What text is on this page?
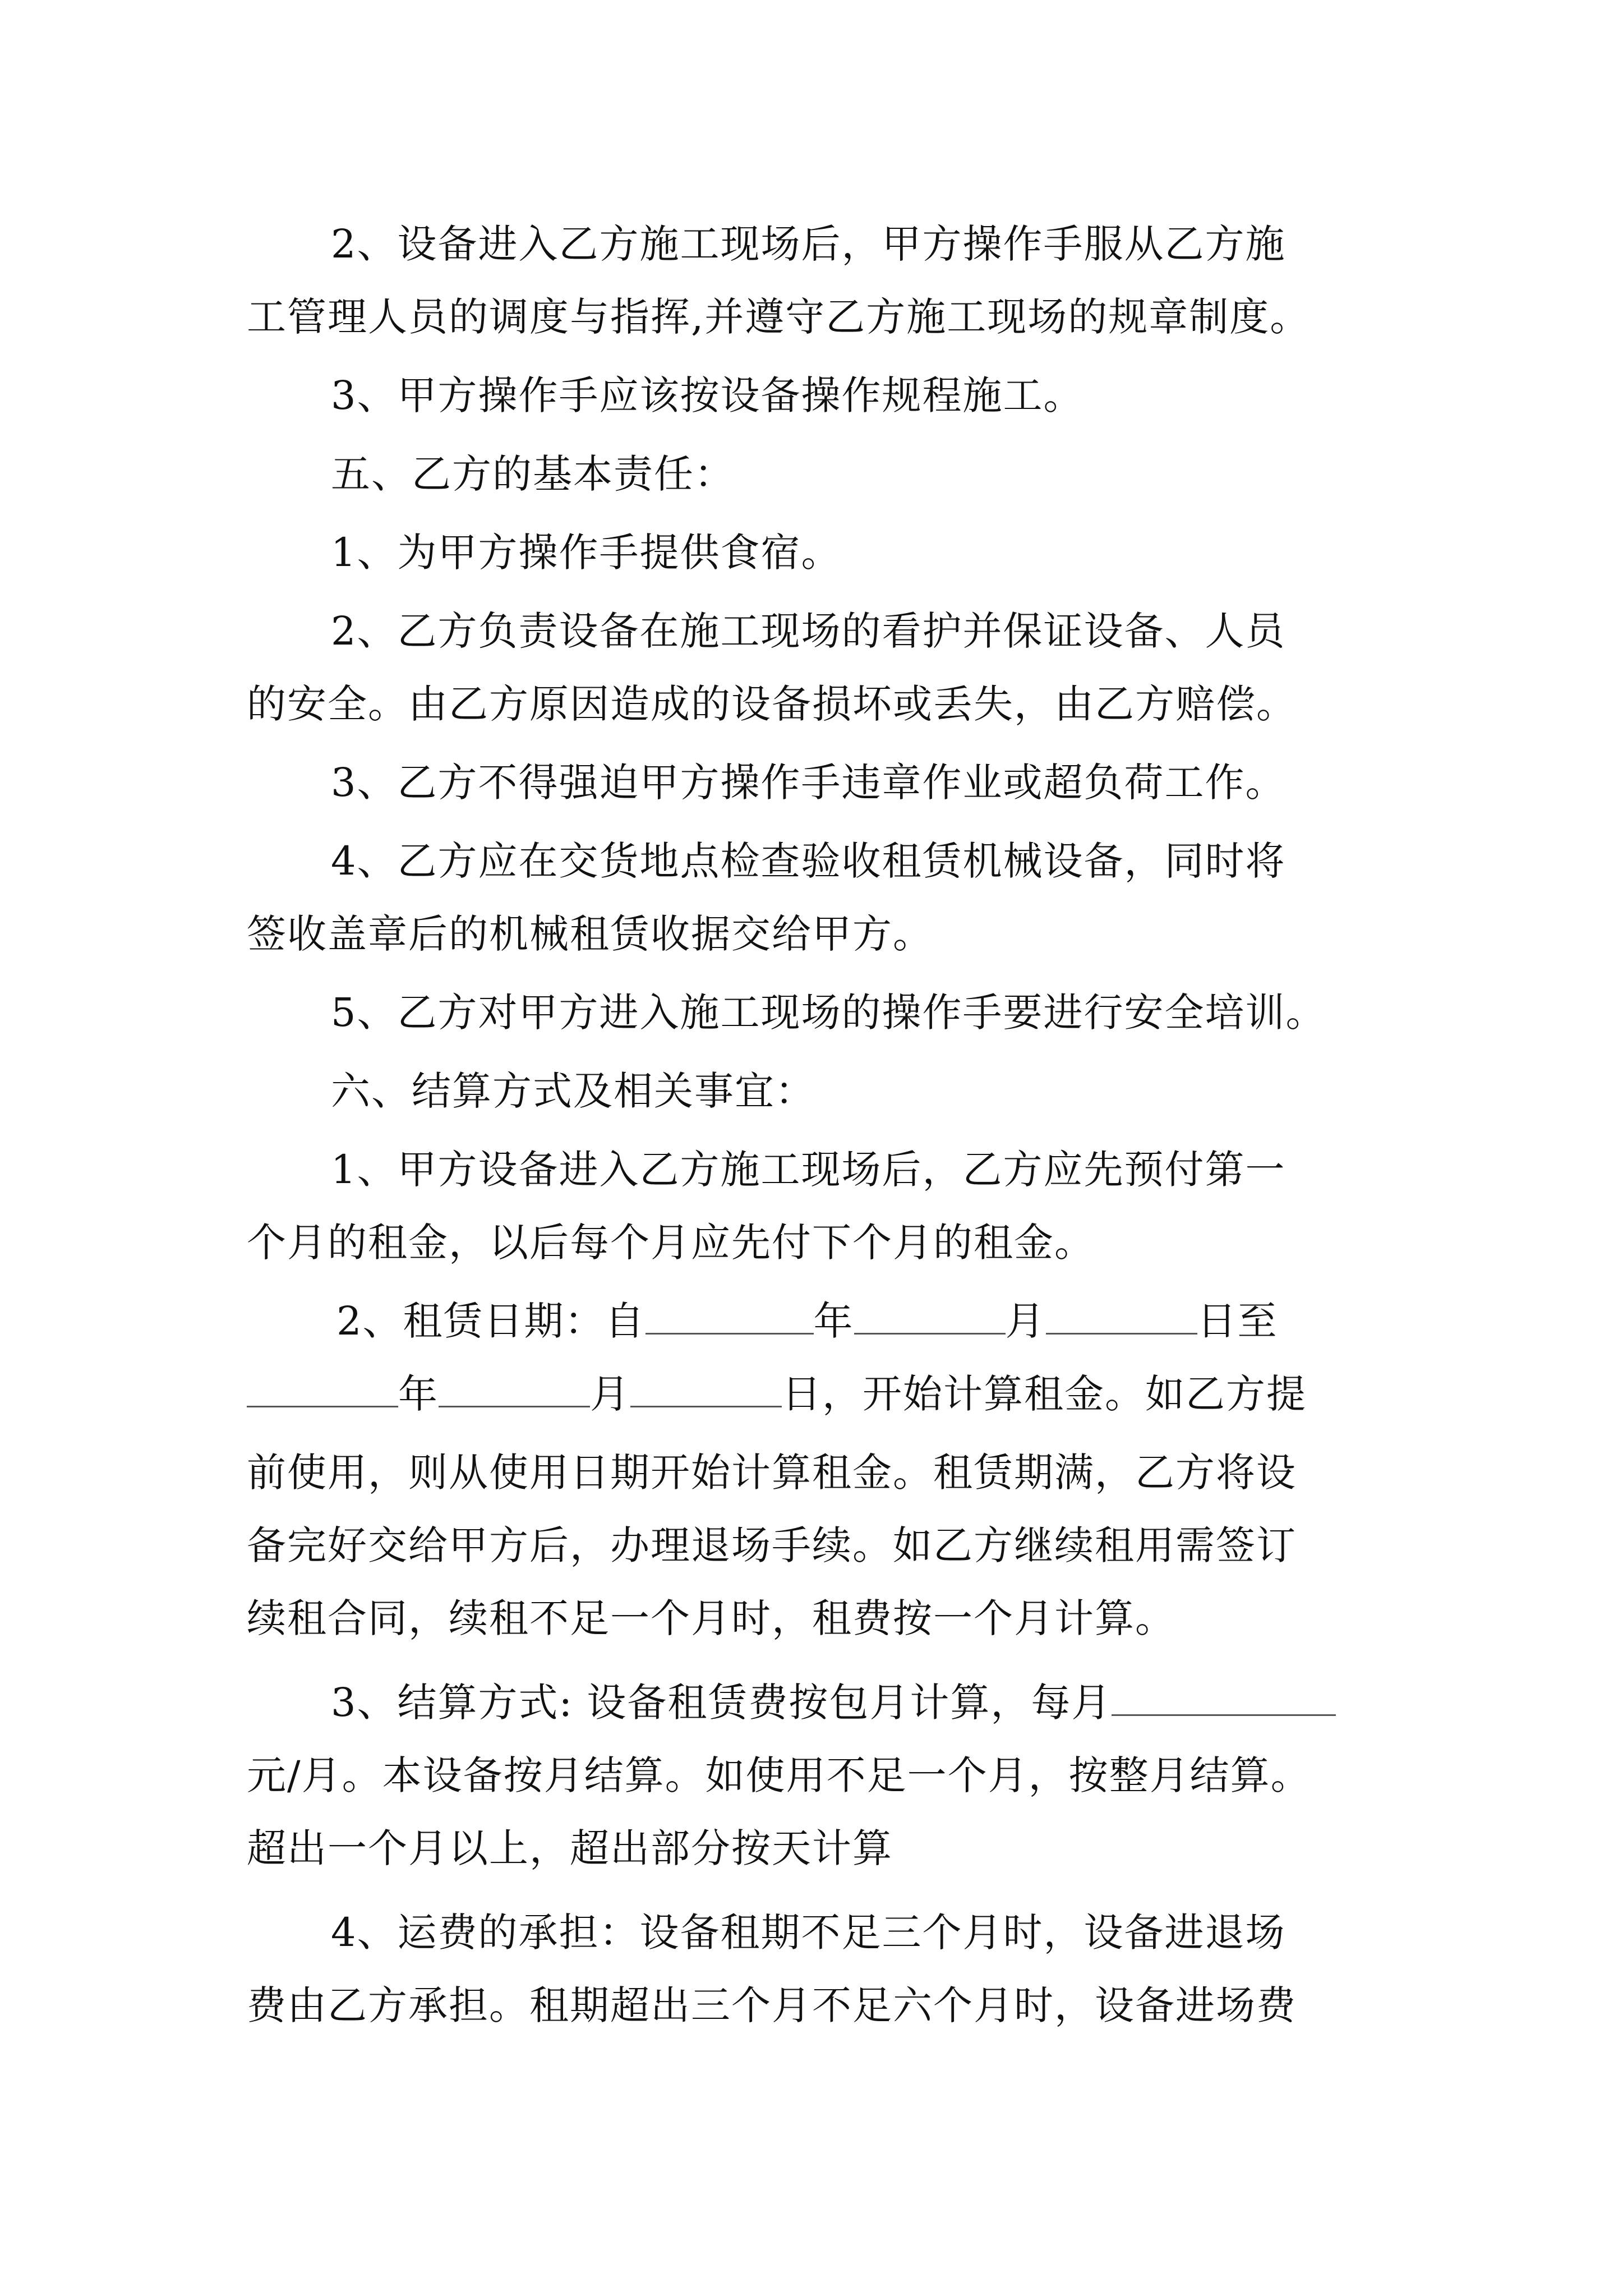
2、设备进入乙方施工现场后，甲方操作手服从乙方施
工管理人员的调度与指挥,并遵守乙方施工现场的规章制度。
3、甲方操作手应该按设备操作规程施工。
五、乙方的基本责任：
1、为甲方操作手提供食宿。
2、乙方负责设备在施工现场的看护并保证设备、人员
的安全。由乙方原因造成的设备损坏或丢失，由乙方赔偿。
3、乙方不得强迫甲方操作手违章作业或超负荷工作。
4、乙方应在交货地点检查验收租赁机械设备，同时将
签收盖章后的机械租赁收据交给甲方。
5、乙方对甲方进入施工现场的操作手要进行安全培训。
六、结算方式及相关事宜：
1、甲方设备进入乙方施工现场后，乙方应先预付第一
个月的租金，以后每个月应先付下个月的租金。
2、租赁日期：自	年	月	日至
年	月	日，开始计算租金。如乙方提
前使用，则从使用日期开始计算租金。租赁期满，乙方将设
备完好交给甲方后，办理退场手续。如乙方继续租用需签订
续租合同，续租不足一个月时，租费按一个月计算。
3、结算方式: 设备租赁费按包月计算，每月
元/月。本设备按月结算。如使用不足一个月，按整月结算。
超出一个月以上，超出部分按天计算
4、运费的承担：设备租期不足三个月时，设备进退场
费由乙方承担。租期超出三个月不足六个月时，设备进场费
